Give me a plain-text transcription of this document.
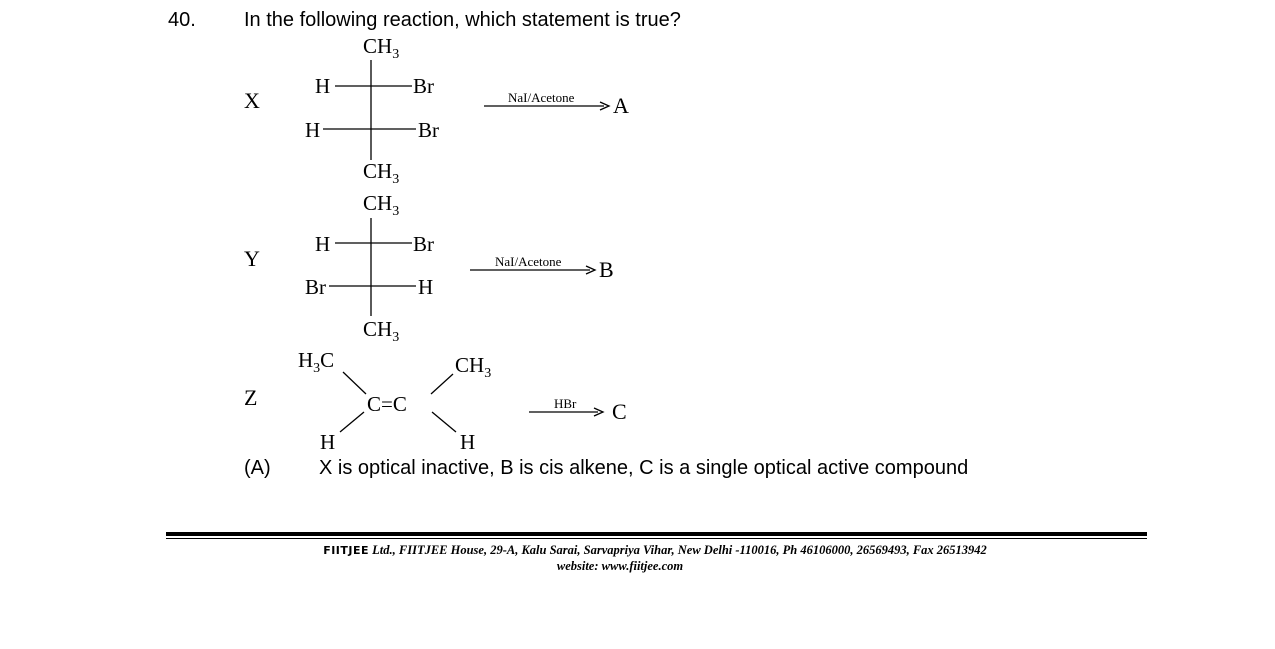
40. In the following reaction, which statement is true?
X
$CH_3$
H	Br
H	Br
$CH_3$
NaI/Acetone A
Y
$CH_3$
H	Br
Br	H
$CH_3$
NaI/Acetone B
Z
$H_3C$	$CH_3$
C=C
H	H
HBr C
(A) X is optical inactive, B is cis alkene, C is a single optical active compound
FIITJEE Ltd., FIITJEE House, 29-A, Kalu Sarai, Sarvapriya Vihar, New Delhi -110016, Ph 46106000, 26569493, Fax 26513942
website: www.fiitjee.com
